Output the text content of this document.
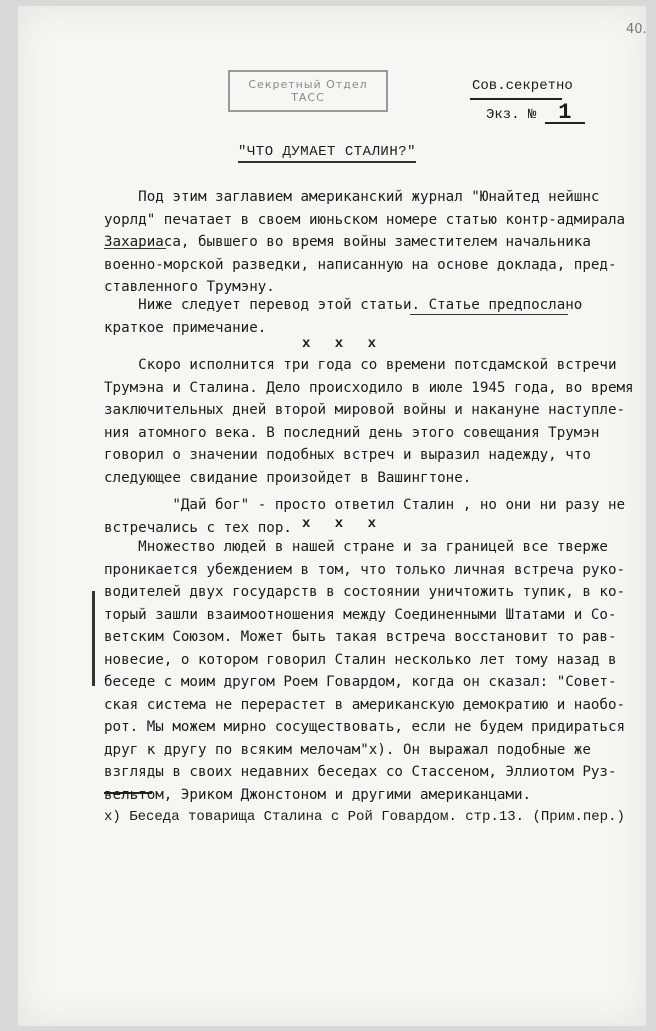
40.
Секретный Отдел
ТАСС
Сов.секретно
Экз. № 1
"ЧТО ДУМАЕТ СТАЛИН?"
Под этим заглавием американский журнал "Юнайтед нейшнс
уорлд" печатает в своем июньском номере статью контр-адмирала
Захариаса, бывшего во время войны заместителем начальника
военно-морской разведки, написанную на основе доклада, пред-
ставленного Трумэну.
Ниже следует перевод этой статьи. Статье предпослано
краткое примечание.
х х х
Скоро исполнится три года со времени потсдамской встречи
Трумэна и Сталина. Дело происходило в июле 1945 года, во время
заключительных дней второй мировой войны и накануне наступле-
ния атомного века. В последний день этого совещания Трумэн
говорил о значении подобных встреч и выразил надежду, что
следующее свидание произойдет в Вашингтоне.
"Дай бог" - просто ответил Сталин , но они ни разу не
встречались с тех пор. х х х
Множество людей в нашей стране и за границей все тверже
проникается убеждением в том, что только личная встреча руко-
водителей двух государств в состоянии уничтожить тупик, в ко-
торый зашли взаимоотношения между Соединенными Штатами и Со-
ветским Союзом. Может быть такая встреча восстановит то рав-
новесие, о котором говорил Сталин несколько лет тому назад в
беседе с моим другом Роем Говардом, когда он сказал: "Совет-
ская система не перерастет в американскую демократию и наобо-
рот. Мы можем мирно сосуществовать, если не будем придираться
друг к другу по всяким мелочам"х). Он выражал подобные же
взгляды в своих недавних беседах со Стассеном, Эллиотом Руз-
вельтом, Эриком Джонстоном и другими американцами.
х) Беседа товарища Сталина с Рой Говардом. стр.13. (Прим.пер.)
